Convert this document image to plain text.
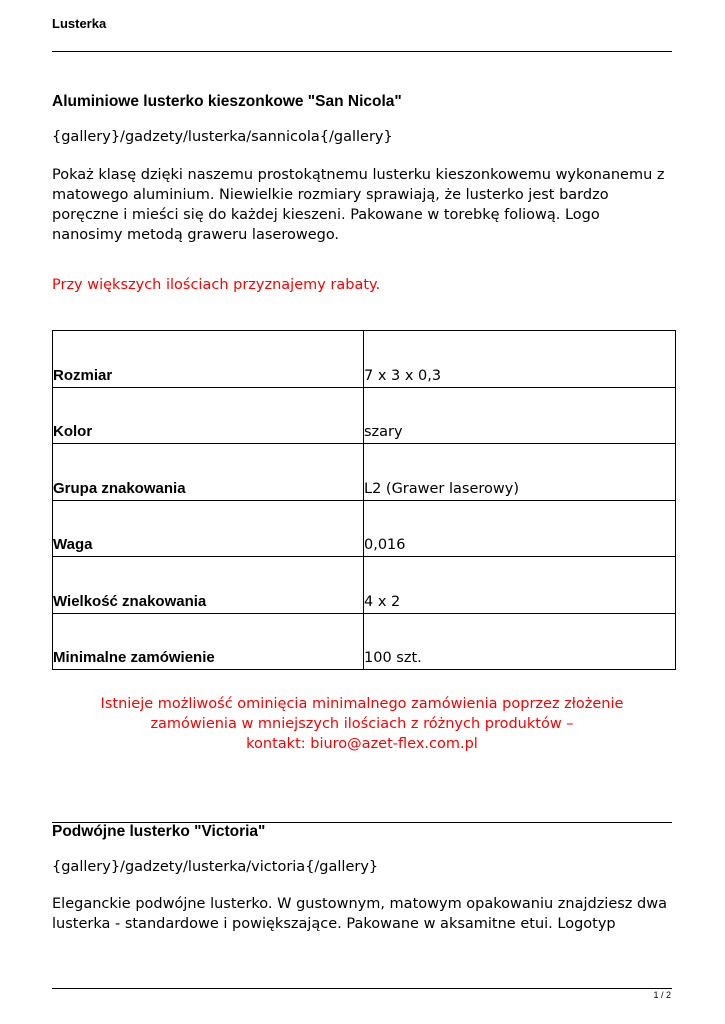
Lusterka
Aluminiowe lusterko kieszonkowe "San Nicola"

{gallery}/gadzety/lusterka/sannicola{/gallery}

Pokaż klasę dzięki naszemu prostokątnemu lusterku kieszonkowemu wykonanemu z
matowego aluminium. Niewielkie rozmiary sprawiają, że lusterko jest bardzo
poręczne i mieści się do każdej kieszeni. Pakowane w torebkę foliową. Logo
nanosimy metodą graweru laserowego.

Przy większych ilościach przyznajemy rabaty.

Rozmiar	7 x 3 x 0,3
Kolor	szary
Grupa znakowania	L2 (Grawer laserowy)
Waga	0,016
Wielkość znakowania	4 x 2
Minimalne zamówienie	100 szt.
Istnieje możliwość ominięcia minimalnego zamówienia poprzez złożenie
zamówienia w mniejszych ilościach z różnych produktów –
kontakt: biuro@azet-flex.com.pl
Podwójne lusterko "Victoria"

{gallery}/gadzety/lusterka/victoria{/gallery}

Eleganckie podwójne lusterko. W gustownym, matowym opakowaniu znajdziesz dwa
lusterka - standardowe i powiększające. Pakowane w aksamitne etui. Logotyp

1 / 2
